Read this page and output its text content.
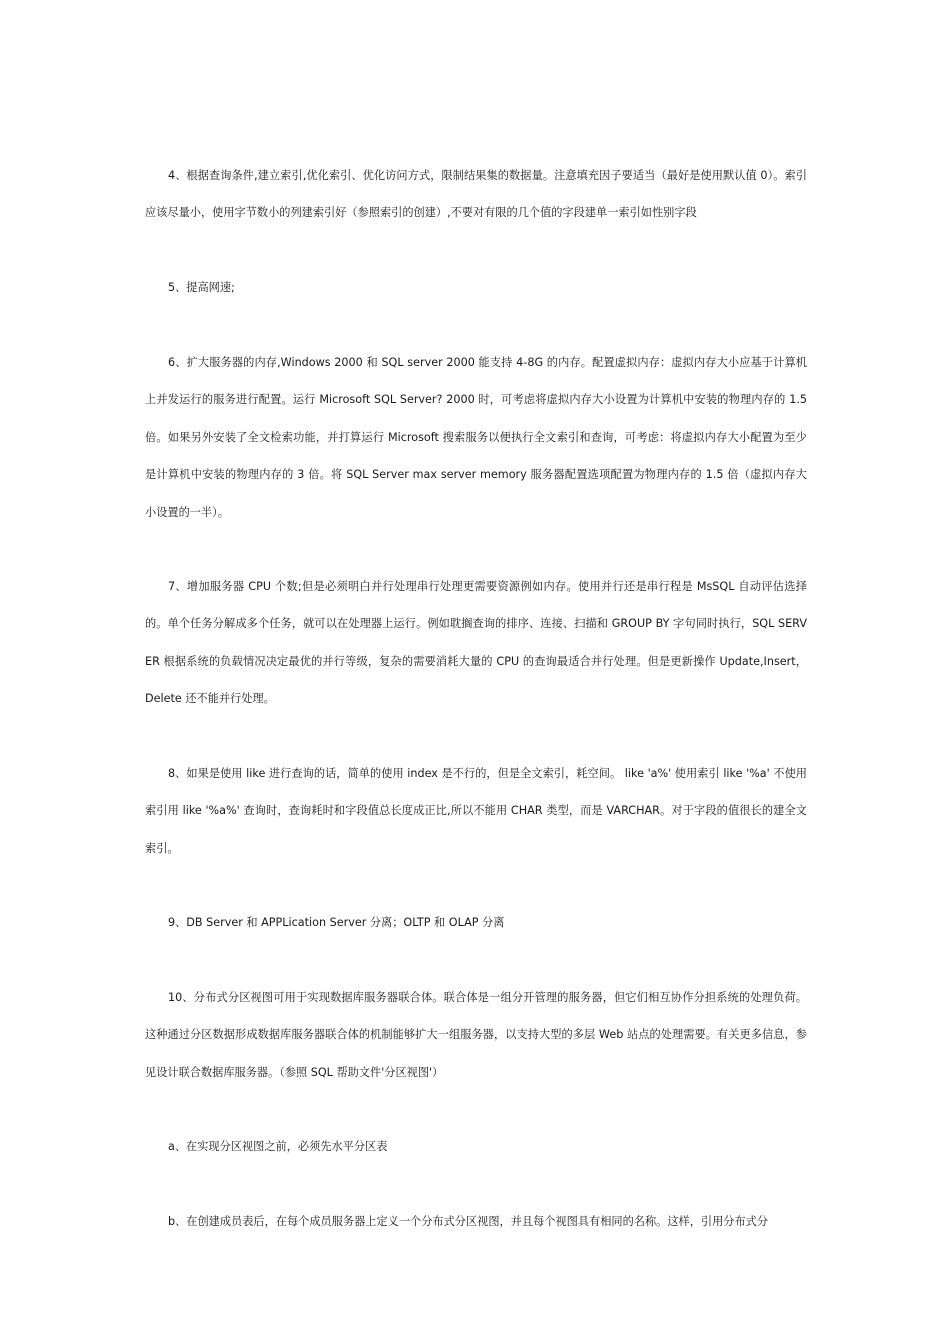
4、根据查询条件,建立索引,优化索引、优化访问方式，限制结果集的数据量。注意填充因子要适当（最好是使用默认值 0）。索引应该尽量小，使用字节数小的列建索引好（参照索引的创建）,不要对有限的几个值的字段建单一索引如性别字段

5、提高网速;

6、扩大服务器的内存,Windows 2000 和 SQL server 2000 能支持 4-8G 的内存。配置虚拟内存：虚拟内存大小应基于计算机上并发运行的服务进行配置。运行 Microsoft SQL Server? 2000 时，可考虑将虚拟内存大小设置为计算机中安装的物理内存的 1.5 倍。如果另外安装了全文检索功能，并打算运行 Microsoft 搜索服务以便执行全文索引和查询，可考虑：将虚拟内存大小配置为至少是计算机中安装的物理内存的 3 倍。将 SQL Server max server memory 服务器配置选项配置为物理内存的 1.5 倍（虚拟内存大小设置的一半）。

7、增加服务器 CPU 个数;但是必须明白并行处理串行处理更需要资源例如内存。使用并行还是串行程是 MsSQL 自动评估选择的。单个任务分解成多个任务，就可以在处理器上运行。例如耽搁查询的排序、连接、扫描和 GROUP BY 字句同时执行，SQL SERVER 根据系统的负载情况决定最优的并行等级，复杂的需要消耗大量的 CPU 的查询最适合并行处理。但是更新操作 Update,Insert， Delete 还不能并行处理。

8、如果是使用 like 进行查询的话，简单的使用 index 是不行的，但是全文索引，耗空间。 like 'a%' 使用索引 like '%a' 不使用索引用 like '%a%' 查询时，查询耗时和字段值总长度成正比,所以不能用 CHAR 类型，而是 VARCHAR。对于字段的值很长的建全文索引。

9、DB Server 和 APPLication Server 分离；OLTP 和 OLAP 分离

10、分布式分区视图可用于实现数据库服务器联合体。联合体是一组分开管理的服务器，但它们相互协作分担系统的处理负荷。这种通过分区数据形成数据库服务器联合体的机制能够扩大一组服务器，以支持大型的多层 Web 站点的处理需要。有关更多信息，参见设计联合数据库服务器。（参照 SQL 帮助文件'分区视图'）

a、在实现分区视图之前，必须先水平分区表

b、在创建成员表后，在每个成员服务器上定义一个分布式分区视图，并且每个视图具有相同的名称。这样，引用分布式分
